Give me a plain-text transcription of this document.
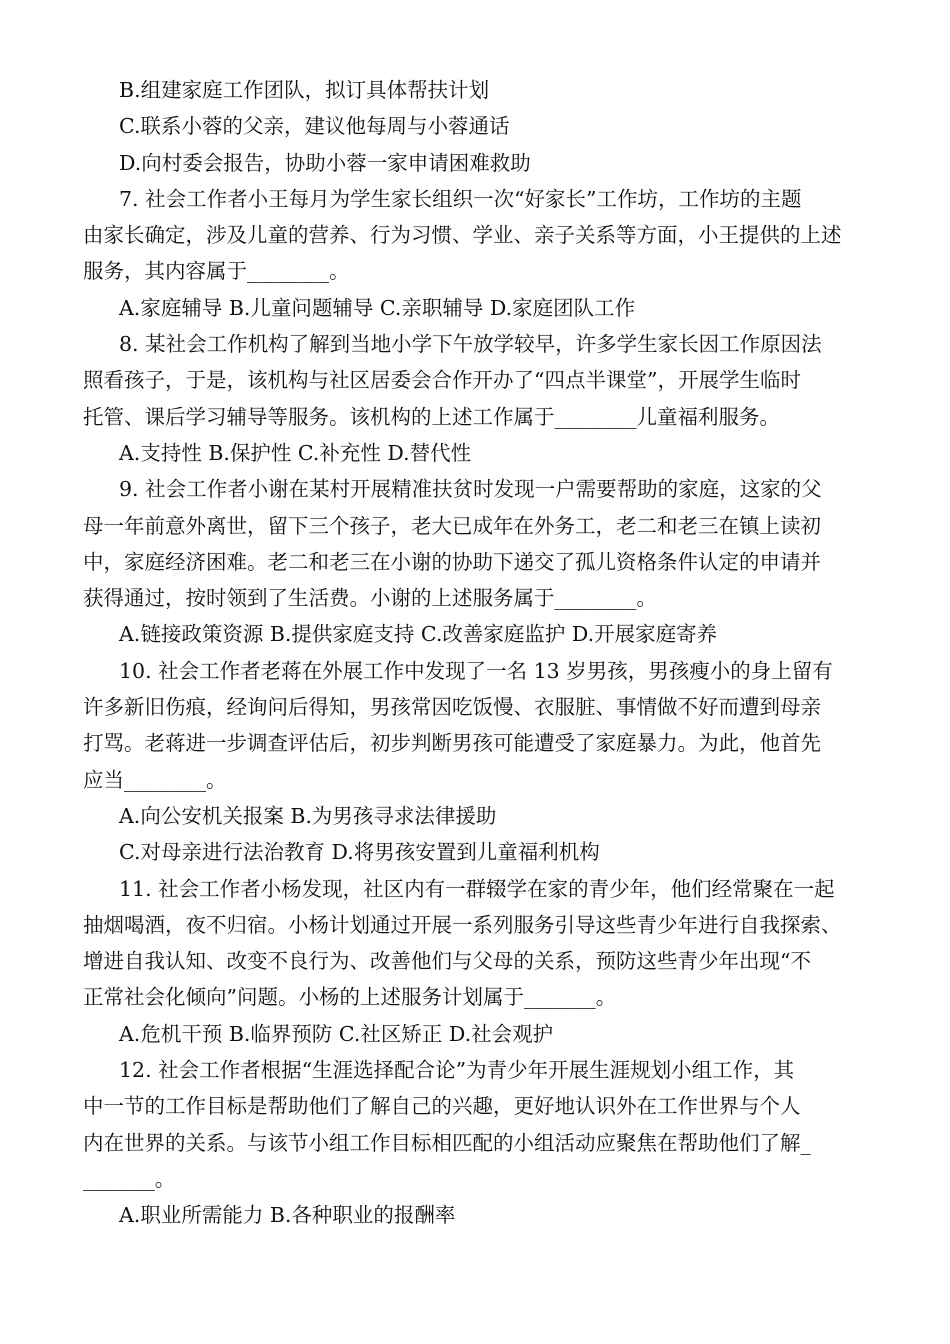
B.组建家庭工作团队，拟订具体帮扶计划
C.联系小蓉的父亲，建议他每周与小蓉通话
D.向村委会报告，协助小蓉一家申请困难救助
7. 社会工作者小王每月为学生家长组织一次“好家长”工作坊，工作坊的主题
由家长确定，涉及儿童的营养、行为习惯、学业、亲子关系等方面，小王提供的上述
服务，其内容属于________。
A.家庭辅导 B.儿童问题辅导 C.亲职辅导 D.家庭团队工作
8. 某社会工作机构了解到当地小学下午放学较早，许多学生家长因工作原因法
照看孩子，于是，该机构与社区居委会合作开办了“四点半课堂”，开展学生临时
托管、课后学习辅导等服务。该机构的上述工作属于________儿童福利服务。
A.支持性 B.保护性 C.补充性 D.替代性
9. 社会工作者小谢在某村开展精准扶贫时发现一户需要帮助的家庭，这家的父
母一年前意外离世，留下三个孩子，老大已成年在外务工，老二和老三在镇上读初
中，家庭经济困难。老二和老三在小谢的协助下递交了孤儿资格条件认定的申请并
获得通过，按时领到了生活费。小谢的上述服务属于________。
A.链接政策资源 B.提供家庭支持 C.改善家庭监护 D.开展家庭寄养
10. 社会工作者老蒋在外展工作中发现了一名 13 岁男孩，男孩瘦小的身上留有
许多新旧伤痕，经询问后得知，男孩常因吃饭慢、衣服脏、事情做不好而遭到母亲
打骂。老蒋进一步调查评估后，初步判断男孩可能遭受了家庭暴力。为此，他首先
应当________。
A.向公安机关报案 B.为男孩寻求法律援助
C.对母亲进行法治教育 D.将男孩安置到儿童福利机构
11. 社会工作者小杨发现，社区内有一群辍学在家的青少年，他们经常聚在一起
抽烟喝酒，夜不归宿。小杨计划通过开展一系列服务引导这些青少年进行自我探索、
增进自我认知、改变不良行为、改善他们与父母的关系，预防这些青少年出现“不
正常社会化倾向”问题。小杨的上述服务计划属于_______。
A.危机干预 B.临界预防 C.社区矫正 D.社会观护
12. 社会工作者根据“生涯选择配合论”为青少年开展生涯规划小组工作，其
中一节的工作目标是帮助他们了解自己的兴趣，更好地认识外在工作世界与个人
内在世界的关系。与该节小组工作目标相匹配的小组活动应聚焦在帮助他们了解_
_______。
A.职业所需能力 B.各种职业的报酬率
